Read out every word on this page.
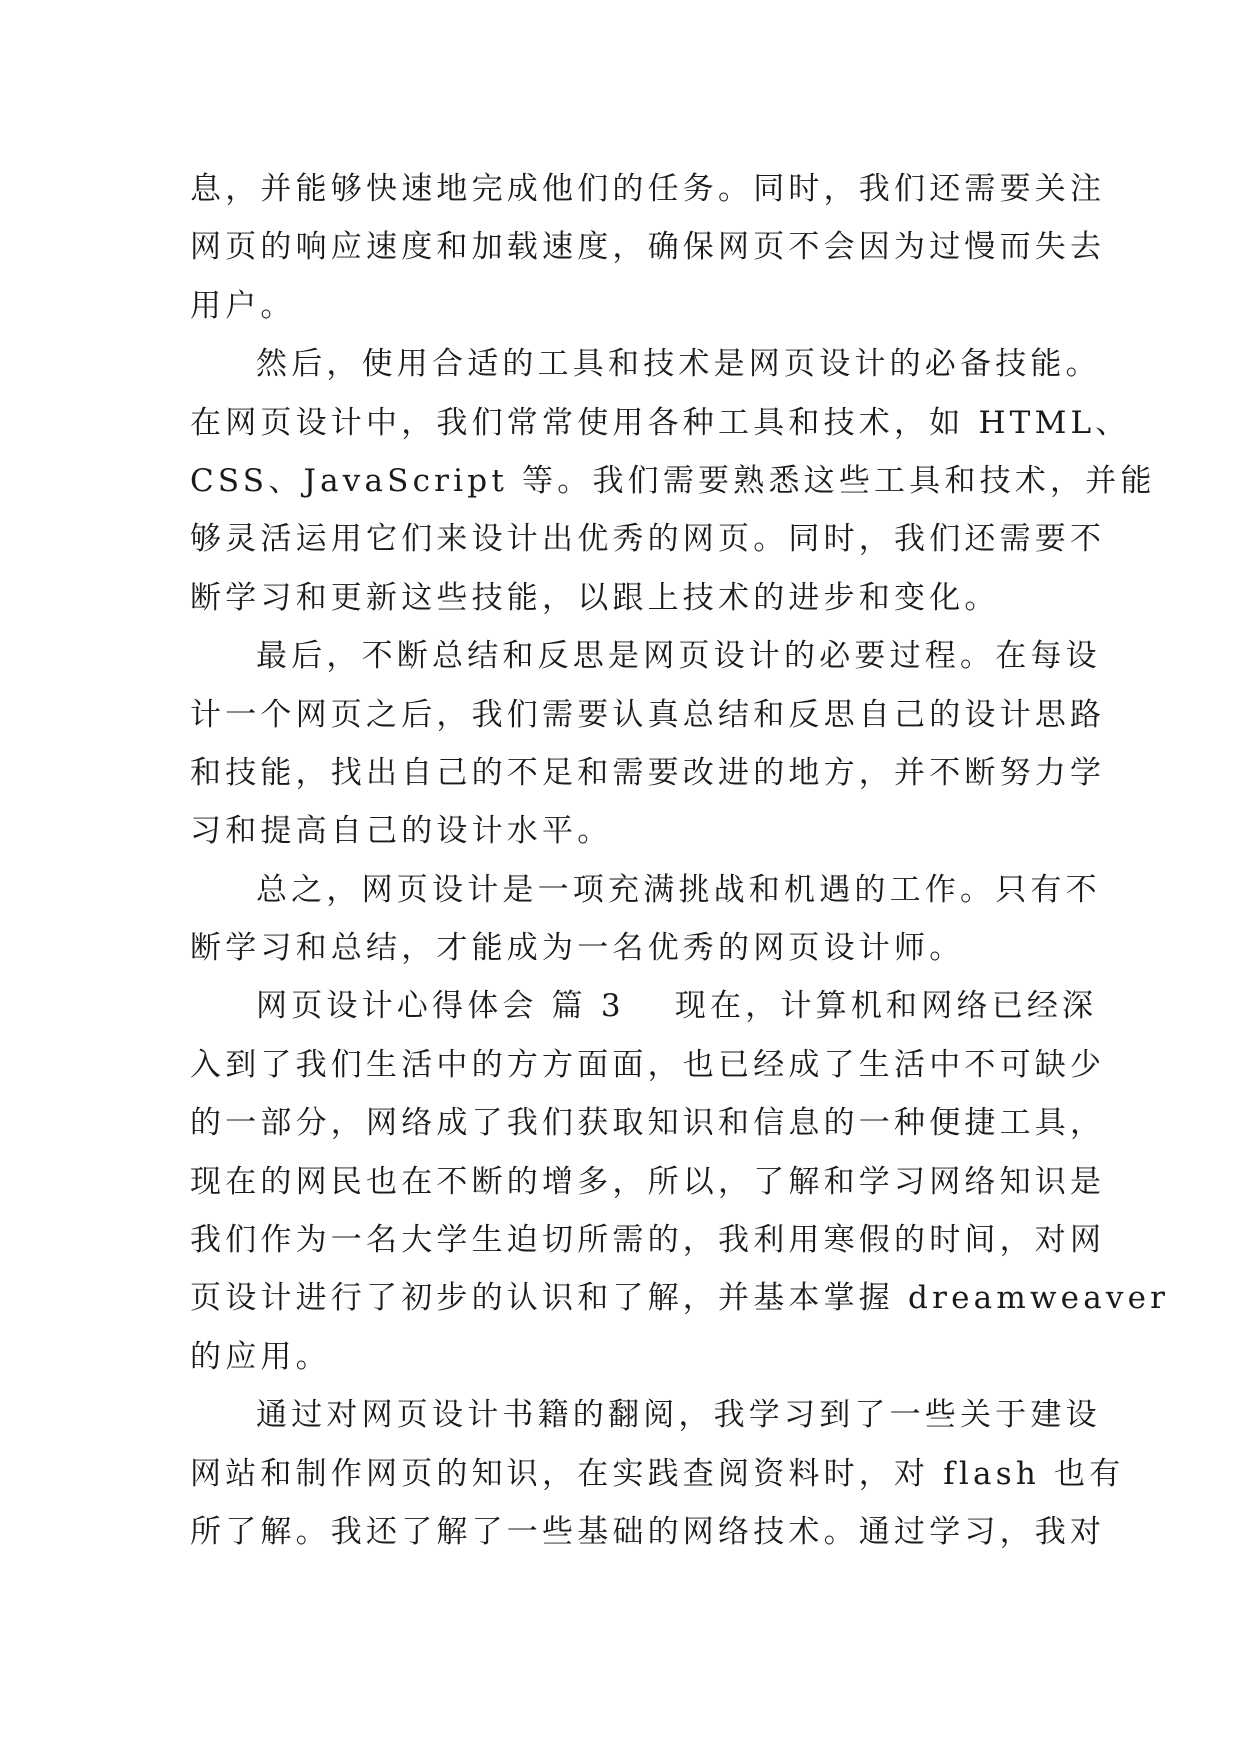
息，并能够快速地完成他们的任务。同时，我们还需要关注
网页的响应速度和加载速度，确保网页不会因为过慢而失去
用户。
然后，使用合适的工具和技术是网页设计的必备技能。
在网页设计中，我们常常使用各种工具和技术，如 HTML、
CSS、JavaScript 等。我们需要熟悉这些工具和技术，并能
够灵活运用它们来设计出优秀的网页。同时，我们还需要不
断学习和更新这些技能，以跟上技术的进步和变化。
最后，不断总结和反思是网页设计的必要过程。在每设
计一个网页之后，我们需要认真总结和反思自己的设计思路
和技能，找出自己的不足和需要改进的地方，并不断努力学
习和提高自己的设计水平。
总之，网页设计是一项充满挑战和机遇的工作。只有不
断学习和总结，才能成为一名优秀的网页设计师。
网页设计心得体会 篇 3 现在，计算机和网络已经深
入到了我们生活中的方方面面，也已经成了生活中不可缺少
的一部分，网络成了我们获取知识和信息的一种便捷工具，
现在的网民也在不断的增多，所以，了解和学习网络知识是
我们作为一名大学生迫切所需的，我利用寒假的时间，对网
页设计进行了初步的认识和了解，并基本掌握 dreamweaver
的应用。
通过对网页设计书籍的翻阅，我学习到了一些关于建设
网站和制作网页的知识，在实践查阅资料时，对 flash 也有
所了解。我还了解了一些基础的网络技术。通过学习，我对
